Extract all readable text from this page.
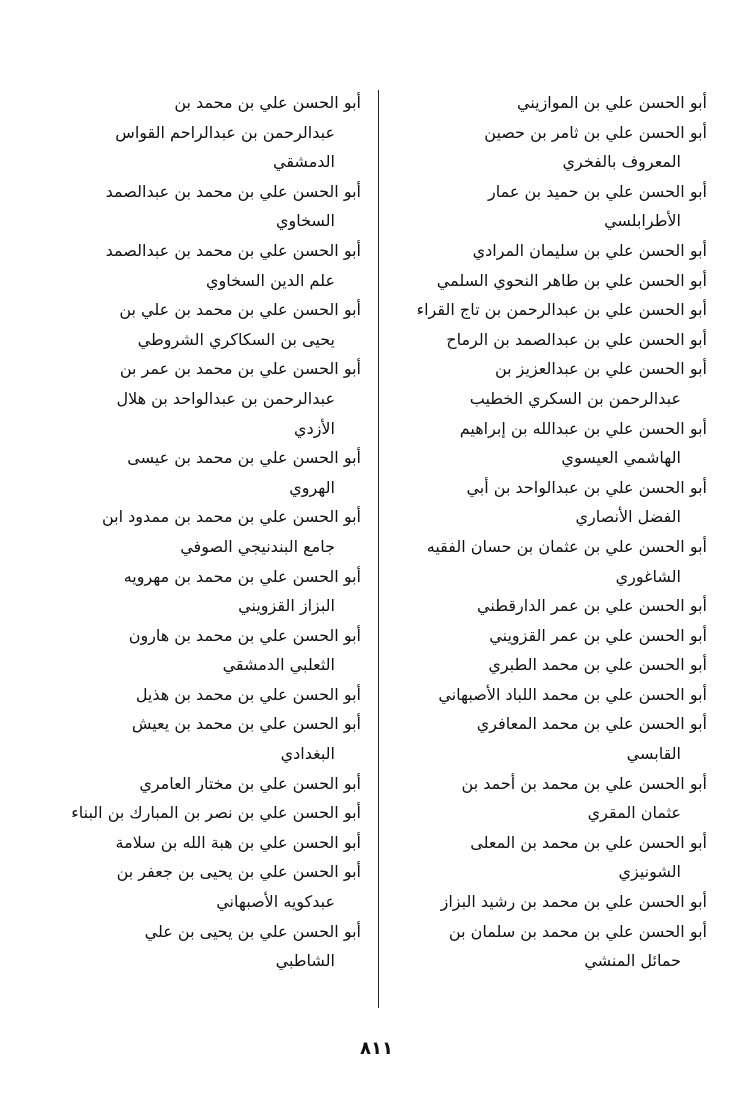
أبو الحسن علي بن الموازيني
أبو الحسن علي بن ثامر بن حصين
المعروف بالفخري
أبو الحسن علي بن حميد بن عمار
الأطرابلسي
أبو الحسن علي بن سليمان المرادي
أبو الحسن علي بن طاهر النحوي السلمي
أبو الحسن علي بن عبدالرحمن بن تاج القراء
أبو الحسن علي بن عبدالصمد بن الرماح
أبو الحسن علي بن عبدالعزيز بن
عبدالرحمن بن السكري الخطيب
أبو الحسن علي بن عبدالله بن إبراهيم
الهاشمي العيسوي
أبو الحسن علي بن عبدالواحد بن أبي
الفضل الأنصاري
أبو الحسن علي بن عثمان بن حسان الفقيه
الشاغوري
أبو الحسن علي بن عمر الدارقطني
أبو الحسن علي بن عمر القزويني
أبو الحسن علي بن محمد الطبري
أبو الحسن علي بن محمد اللباد الأصبهاني
أبو الحسن علي بن محمد المعافري
القابسي
أبو الحسن علي بن محمد بن أحمد بن
عثمان المقري
أبو الحسن علي بن محمد بن المعلى
الشونيزي
أبو الحسن علي بن محمد بن رشيد البزاز
أبو الحسن علي بن محمد بن سلمان بن
حمائل المنشي
أبو الحسن علي بن محمد بن
عبدالرحمن بن عبدالراحم القواس
الدمشقي
أبو الحسن علي بن محمد بن عبدالصمد
السخاوي
أبو الحسن علي بن محمد بن عبدالصمد
علم الدين السخاوي
أبو الحسن علي بن محمد بن علي بن
يحيى بن السكاكري الشروطي
أبو الحسن علي بن محمد بن عمر بن
عبدالرحمن بن عبدالواحد بن هلال
الأزدي
أبو الحسن علي بن محمد بن عيسى
الهروي
أبو الحسن علي بن محمد بن ممدود ابن
جامع البندنيجي الصوفي
أبو الحسن علي بن محمد بن مهرويه
البزاز القزويني
أبو الحسن علي بن محمد بن هارون
الثعلبي الدمشقي
أبو الحسن علي بن محمد بن هذيل
أبو الحسن علي بن محمد بن يعيش
البغدادي
أبو الحسن علي بن مختار العامري
أبو الحسن علي بن نصر بن المبارك بن البناء
أبو الحسن علي بن هبة الله بن سلامة
أبو الحسن علي بن يحيى بن جعفر بن
عبدكويه الأصبهاني
أبو الحسن علي بن يحيى بن علي
الشاطبي
٨١١
